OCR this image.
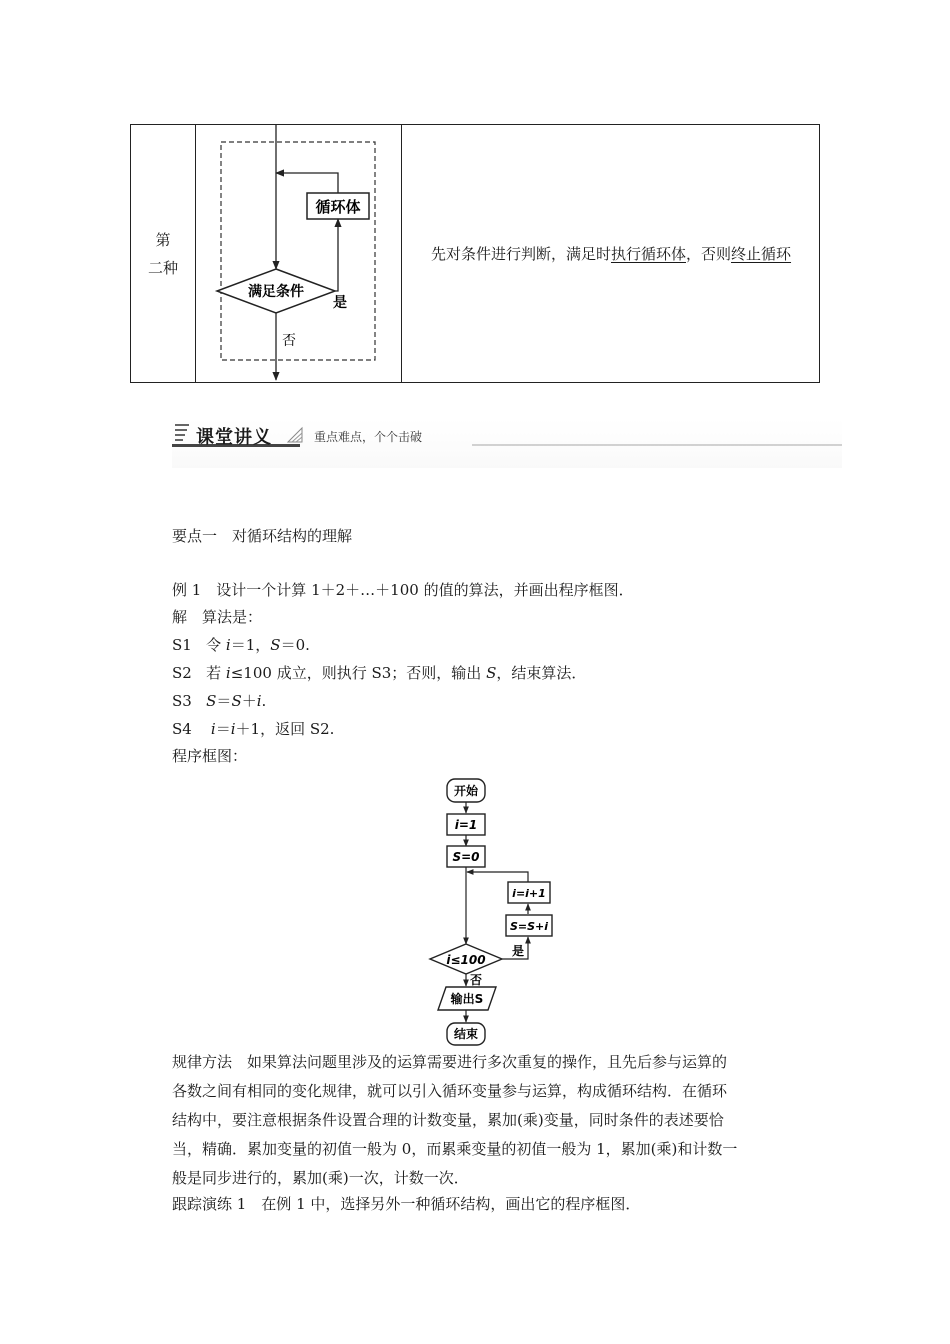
第
二种
循环体
满足条件
是
否
先对条件进行判断，满足时执行循环体，否则终止循环
课堂讲义	重点难点，个个击破
要点一　对循环结构的理解
例 1　设计一个计算 1＋2＋…＋100 的值的算法，并画出程序框图．
解　算法是：
S1 令 i＝1，S＝0.
S2 若 i≤100 成立，则执行 S3；否则，输出 S，结束算法．
S3 S＝S＋i.
S4 i＝i＋1，返回 S2.
程序框图：
开始
i=1
S=0
i=i+1
S=S+i
i≤100
是
否
输出S
结束

规律方法　如果算法问题里涉及的运算需要进行多次重复的操作，且先后参与运算的

各数之间有相同的变化规律，就可以引入循环变量参与运算，构成循环结构．在循环

结构中，要注意根据条件设置合理的计数变量，累加(乘)变量，同时条件的表述要恰

当，精确．累加变量的初值一般为 0，而累乘变量的初值一般为 1，累加(乘)和计数一

般是同步进行的，累加(乘)一次，计数一次．

跟踪演练 1　在例 1 中，选择另外一种循环结构，画出它的程序框图．
